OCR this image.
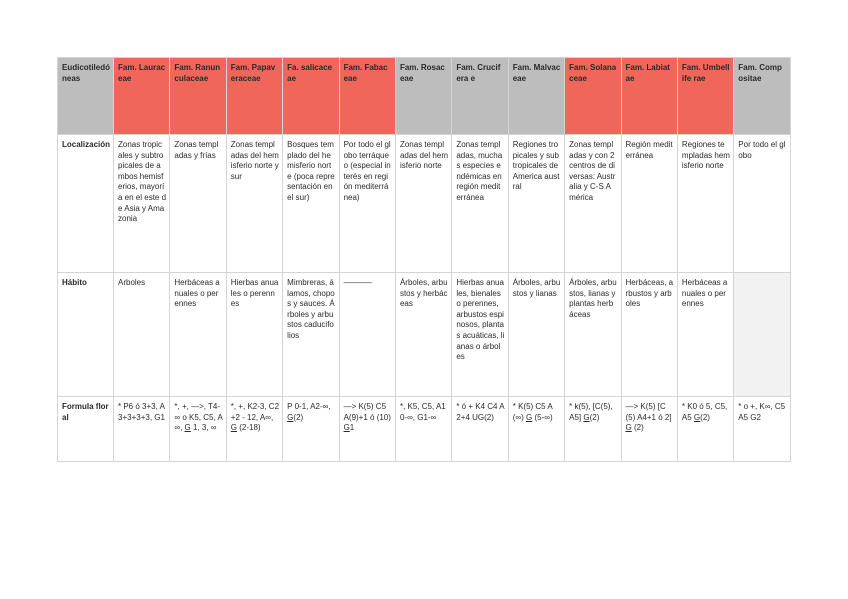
Eudicotiledóneas	Fam. Lauraceae	Fam. Ranunculaceae	Fam. Papaveraceae	Fa. salicaceae	Fam. Fabaceae	Fam. Rosaceae	Fam. Crucifera e	Fam. Malvaceae	Fam. Solanaceae	Fam. Labiatae	Fam. Umbellife rae	Fam. Compositae
Localización	Zonas tropicales y subtropicales de ambos hemisferios, mayoría en el este de Asia y Amazonia	Zonas templadas y frías	Zonas templadas del hemisferio norte y sur	Bosques templado del hemisferio norte (poca representación en el sur)	Por todo el globo terráqueo (especial interés en región mediterránea)	Zonas templadas del hemisferio norte	Zonas templadas, muchas especies endémicas en región mediterránea	Regiones tropicales y subtropicales de America austral	Zonas templadas y con 2 centros de diversas: Australia y C-S América	Región mediterránea	Regiones templadas hemisferio norte	Por todo el globo
Hábito	Arboles	Herbáceas anuales o perennes	Hierbas anuales o perennes	Mimbreras, álamos, chopos y sauces. Árboles y arbustos caducifolios	———–	Árboles, arbustos y herbáceas	Hierbas anuales, bienales o perennes, arbustos espinosos, plantas acuáticas, lianas o árboles	Árboles, arbustos y lianas	Árboles, arbustos, lianas y plantas herbáceas	Herbáceas, arbustos y arboles	Herbáceas anuales o perennes	
Formula floral	* P6 ó 3+3, A3+3+3+3, G1	*, +, —>, T4-∞ o K5, C5, A∞, G 1, 3, ∞	*, +, K2-3, C2+2 - 12, A∞, G (2-18)	P 0-1, A2-∞, G(2)	—> K(5) C5 A(9)+1 ó (10) G1	*, K5, C5, A10-∞, G1-∞	* ó + K4 C4 A2+4 UG(2)	* K(5) C5 A (∞) G (5-∞)	* k(5), [C(5), A5] G(2)	—> K(5) [C(5) A4+1 ó 2] G (2)	* K0 ó 5, C5, A5 G(2)	* o +, K∞, C5 A5 G2
